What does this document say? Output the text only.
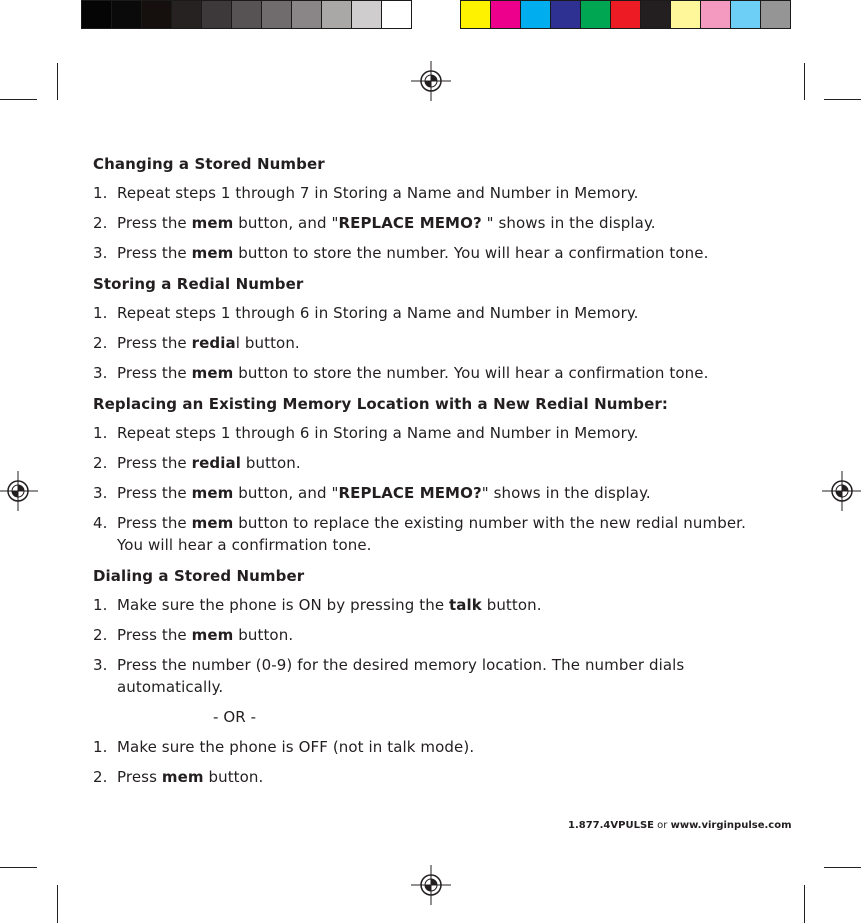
Changing a Stored Number

1. Repeat steps 1 through 7 in Storing a Name and Number in Memory.

2. Press the mem button, and "REPLACE MEMO? " shows in the display.

3. Press the mem button to store the number. You will hear a confirmation tone.

Storing a Redial Number

1. Repeat steps 1 through 6 in Storing a Name and Number in Memory.

2. Press the redial button.

3. Press the mem button to store the number. You will hear a confirmation tone.

Replacing an Existing Memory Location with a New Redial Number:

1. Repeat steps 1 through 6 in Storing a Name and Number in Memory.

2. Press the redial button.

3. Press the mem button, and "REPLACE MEMO?" shows in the display.

4. Press the mem button to replace the existing number with the new redial number. You will hear a confirmation tone.

Dialing a Stored Number

1. Make sure the phone is ON by pressing the talk button.

2. Press the mem button.

3. Press the number (0-9) for the desired memory location. The number dials automatically.

- OR -

1. Make sure the phone is OFF (not in talk mode).

2. Press mem button.

1.877.4VPULSE or www.virginpulse.com
